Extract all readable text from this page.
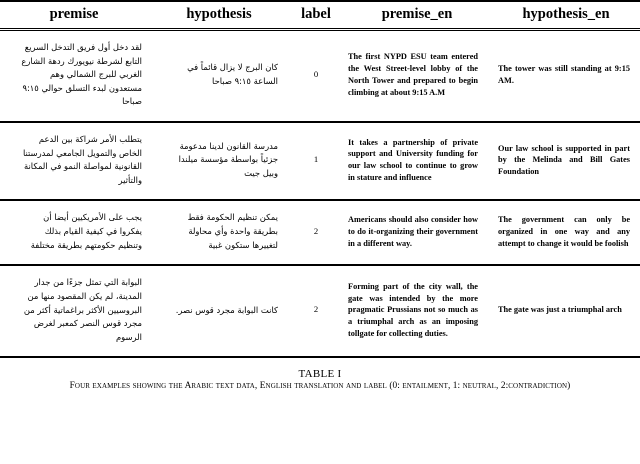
premise	hypothesis	label	premise_en	hypothesis_en

لقد دخل أول فريق التدخل السريع التابع لشرطة نيويورك ردهة الشارع الغربي للبرج الشمالي وهم مستعدون لبدء التسلق حوالي ٩:١٥ صباحا	كان البرج لا يزال قائماً في الساعة ٩:١٥ صباحا	0	The first NYPD ESU team entered the West Street-level lobby of the North Tower and prepared to begin climbing at about 9:15 A.M	The tower was still standing at 9:15 AM.

يتطلب الأمر شراكة بين الدعم الخاص والتمويل الجامعي لمدرستنا القانونية لمواصلة النمو في المكانة والتأثير	مدرسة القانون لدينا مدعومة جزئياً بواسطة مؤسسة ميلندا وبيل جيت	1	It takes a partnership of private support and University funding for our law school to continue to grow in stature and influence	Our law school is supported in part by the Melinda and Bill Gates Foundation

يجب على الأمريكيين أيضا أن يفكروا في كيفية القيام بذلك وتنظيم حكومتهم بطريقة مختلفة	يمكن تنظيم الحكومة فقط بطريقة واحدة وأي محاولة لتغييرها ستكون غبية	2	Americans should also consider how to do it-organizing their government in a different way.	The government can only be organized in one way and any attempt to change it would be foolish

البوابة التي تمثل جزءًا من جدار المدينة، لم يكن المقصود منها من البروسيين الأكثر براغماتية أكثر من مجرد قوس النصر كمعبر لغرض الرسوم	كانت البوابة مجرد قوس نصر.	2	Forming part of the city wall, the gate was intended by the more pragmatic Prussians not so much as a triumphal arch as an imposing tollgate for collecting duties.	The gate was just a triumphal arch
TABLE I
Four examples showing the Arabic text data, English translation and label (0: entailment, 1: neutral, 2:contradiction)
